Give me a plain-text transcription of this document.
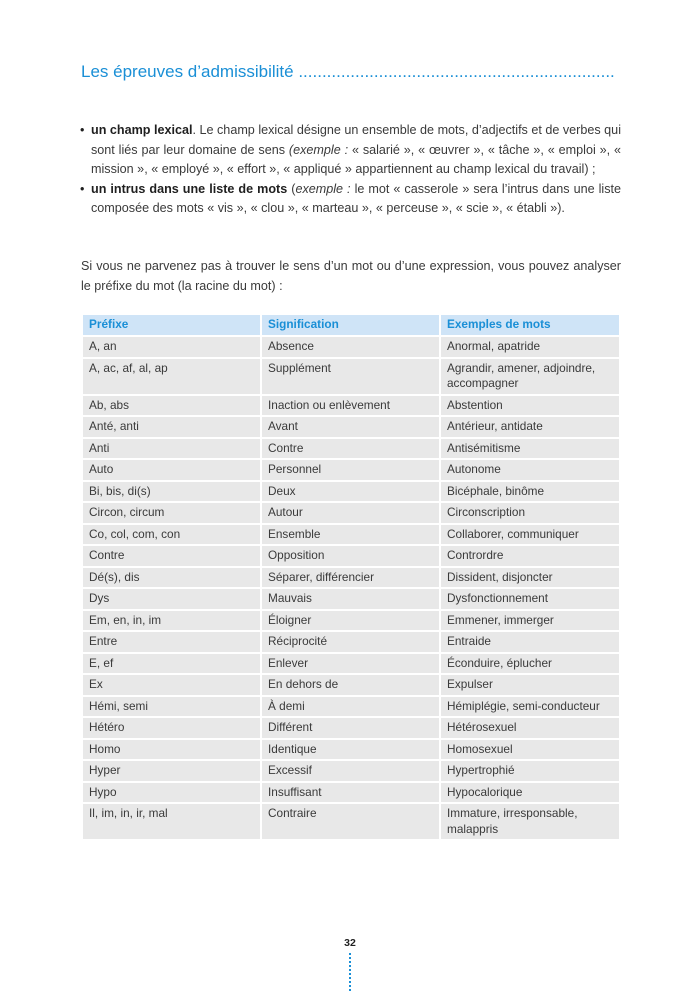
Les épreuves d’admissibilité ...................................................................
• un champ lexical. Le champ lexical désigne un ensemble de mots, d’adjectifs et de verbes qui sont liés par leur domaine de sens (exemple : « salarié », « œuvrer », « tâche », « emploi », « mission », « employé », « effort », « appliqué » appartiennent au champ lexical du travail) ;
• un intrus dans une liste de mots (exemple : le mot « casserole » sera l’intrus dans une liste composée des mots « vis », « clou », « marteau », « perceuse », « scie », « établi »).

Si vous ne parvenez pas à trouver le sens d’un mot ou d’une expression, vous pouvez analyser le préfixe du mot (la racine du mot) :

Préfixe	Signification	Exemples de mots
A, an	Absence	Anormal, apatride
A, ac, af, al, ap	Supplément	Agrandir, amener, adjoindre, accompagner
Ab, abs	Inaction ou enlèvement	Abstention
Anté, anti	Avant	Antérieur, antidate
Anti	Contre	Antisémitisme
Auto	Personnel	Autonome
Bi, bis, di(s)	Deux	Bicéphale, binôme
Circon, circum	Autour	Circonscription
Co, col, com, con	Ensemble	Collaborer, communiquer
Contre	Opposition	Contrordre
Dé(s), dis	Séparer, différencier	Dissident, disjoncter
Dys	Mauvais	Dysfonctionnement
Em, en, in, im	Éloigner	Emmener, immerger
Entre	Réciprocité	Entraide
E, ef	Enlever	Éconduire, éplucher
Ex	En dehors de	Expulser
Hémi, semi	À demi	Hémiplégie, semi-conducteur
Hétéro	Différent	Hétérosexuel
Homo	Identique	Homosexuel
Hyper	Excessif	Hypertrophié
Hypo	Insuffisant	Hypocalorique
Il, im, in, ir, mal	Contraire	Immature, irresponsable, malappris
32
